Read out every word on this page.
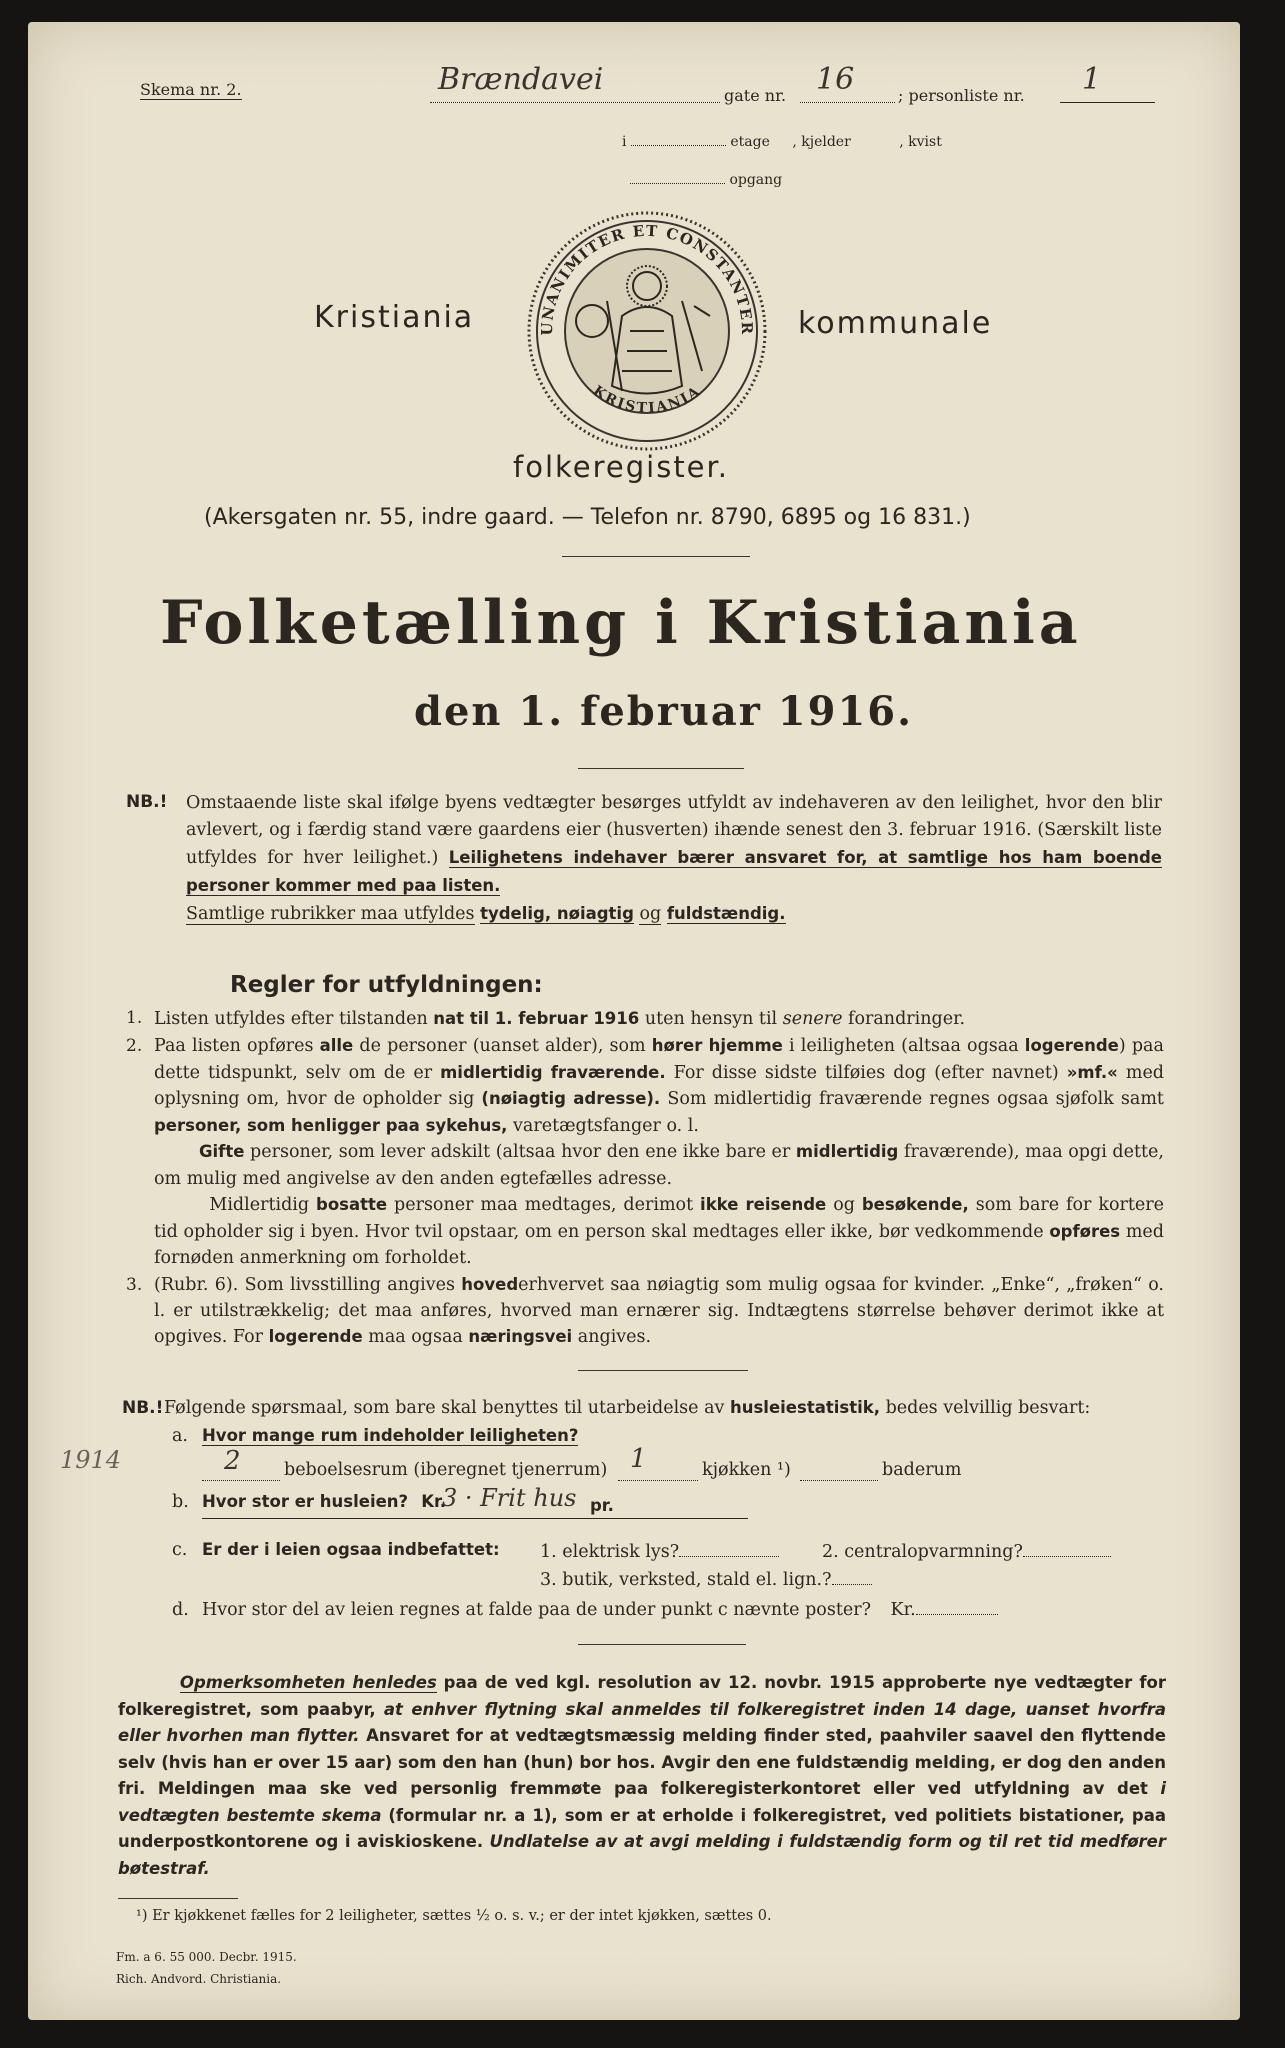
Skema nr. 2.	Brændavei	gate nr. 16	; personliste nr. 1
i	etage , kjelder	, kvist
opgang
Kristiania	kommunale
UNANIMITER ET CONSTANTER
KRISTIANIA
folkeregister.
(Akersgaten nr. 55, indre gaard. — Telefon nr. 8790, 6895 og 16 831.)
Folketælling i Kristiania
den 1. februar 1916.
NB.! Omstaaende liste skal ifølge byens vedtægter besørges utfyldt av indehaveren av den leilighet, hvor den blir avlevert, og i færdig stand være gaardens eier (husverten) ihænde senest den 3. februar 1916. (Særskilt liste utfyldes for hver leilighet.) Leilighetens indehaver bærer ansvaret for, at samtlige hos ham boende personer kommer med paa listen.
Samtlige rubrikker maa utfyldes tydelig, nøiagtig og fuldstændig.

Regler for utfyldningen:
1. Listen utfyldes efter tilstanden nat til 1. februar 1916 uten hensyn til senere forandringer.

2. Paa listen opføres alle de personer (uanset alder), som hører hjemme i leiligheten (altsaa ogsaa logerende) paa dette tidspunkt, selv om de er midlertidig fraværende. For disse sidste tilføies dog (efter navnet) »mf.« med oplysning om, hvor de opholder sig (nøiagtig adresse). Som midlertidig fraværende regnes ogsaa sjøfolk samt personer, som henligger paa sykehus, varetægtsfanger o. l.
Gifte personer, som lever adskilt (altsaa hvor den ene ikke bare er midlertidig fraværende), maa opgi dette, om mulig med angivelse av den anden egtefælles adresse.
Midlertidig bosatte personer maa medtages, derimot ikke reisende og besøkende, som bare for kortere tid opholder sig i byen. Hvor tvil opstaar, om en person skal medtages eller ikke, bør vedkommende opføres med fornøden anmerkning om forholdet.

3. (Rubr. 6). Som livsstilling angives hovederhvervet saa nøiagtig som mulig ogsaa for kvinder. „Enke“, „frøken“ o. l. er utilstrækkelig; det maa anføres, hvorved man ernærer sig. Indtægtens størrelse behøver derimot ikke at opgives. For logerende maa ogsaa næringsvei angives.

NB.! Følgende spørsmaal, som bare skal benyttes til utarbeidelse av husleiestatistik, bedes velvillig besvart:
1914
a. Hvor mange rum indeholder leiligheten?
2 beboelsesrum (iberegnet tjenerrum) 1	kjøkken ¹)	baderum
b. Hvor stor er husleien? Kr.
3 · Frit hus pr.
c. Er der i leien ogsaa indbefattet: 1. elektrisk lys?	2. centralopvarmning?
3. butik, verksted, stald el. lign.?
d. Hvor stor del av leien regnes at falde paa de under punkt c nævnte poster? Kr.

Opmerksomheten henledes paa de ved kgl. resolution av 12. novbr. 1915 approberte nye vedtægter for folkeregistret, som paabyr, at enhver flytning skal anmeldes til folkeregistret inden 14 dage, uanset hvorfra eller hvorhen man flytter. Ansvaret for at vedtægtsmæssig melding finder sted, paahviler saavel den flyttende selv (hvis han er over 15 aar) som den han (hun) bor hos. Avgir den ene fuldstændig melding, er dog den anden fri. Meldingen maa ske ved personlig fremmøte paa folkeregisterkontoret eller ved utfyldning av det i vedtægten bestemte skema (formular nr. a 1), som er at erholde i folkeregistret, ved politiets bistationer, paa underpostkontorene og i aviskioskene. Undlatelse av at avgi melding i fuldstændig form og til ret tid medfører bøtestraf.

¹) Er kjøkkenet fælles for 2 leiligheter, sættes ½ o. s. v.; er der intet kjøkken, sættes 0.
Fm. a 6. 55 000. Decbr. 1915.
Rich. Andvord. Christiania.
